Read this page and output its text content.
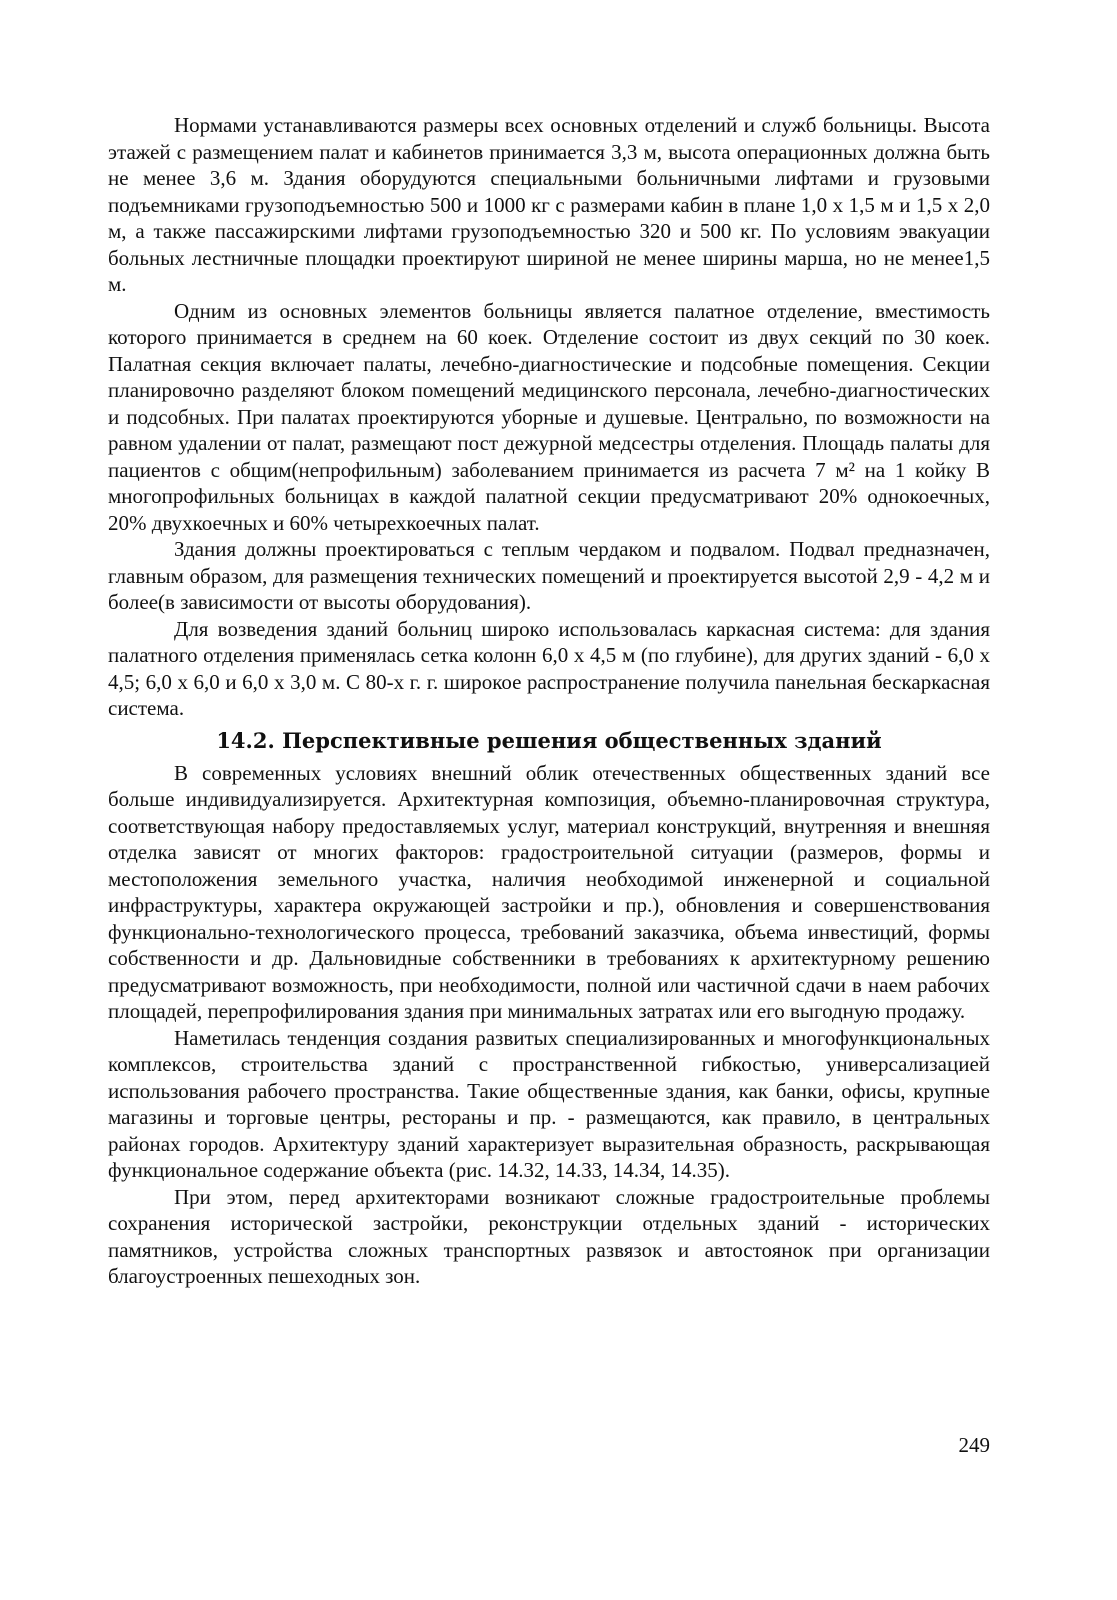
Нормами устанавливаются размеры всех основных отделений и служб больницы. Высота этажей с размещением палат и кабинетов принимается 3,3 м, высота операционных должна быть не менее 3,6 м. Здания оборудуются специальными больничными лифтами и грузовыми подъемниками грузоподъемностью 500 и 1000 кг с размерами кабин в плане 1,0 х 1,5 м и 1,5 х 2,0 м, а также пассажирскими лифтами грузоподъемностью 320 и 500 кг. По условиям эвакуации больных лестничные площадки проектируют шириной не менее ширины марша, но не менее1,5 м.

Одним из основных элементов больницы является палатное отделение, вместимость которого принимается в среднем на 60 коек. Отделение состоит из двух секций по 30 коек. Палатная секция включает палаты, лечебно-диагностические и подсобные помещения. Секции планировочно разделяют блоком помещений медицинского персонала, лечебно-диагностических и подсобных. При палатах проектируются уборные и душевые. Центрально, по возможности на равном удалении от палат, размещают пост дежурной медсестры отделения. Площадь палаты для пациентов с общим(непрофильным) заболеванием принимается из расчета 7 м² на 1 койку В многопрофильных больницах в каждой палатной секции предусматривают 20% однокоечных, 20% двухкоечных и 60% четырехкоечных палат.

Здания должны проектироваться с теплым чердаком и подвалом. Подвал предназначен, главным образом, для размещения технических помещений и проектируется высотой 2,9 - 4,2 м и более(в зависимости от высоты оборудования).

Для возведения зданий больниц широко использовалась каркасная система: для здания палатного отделения применялась сетка колонн 6,0 х 4,5 м (по глубине), для других зданий - 6,0 х 4,5; 6,0 х 6,0 и 6,0 х 3,0 м. С 80-х г. г. широкое распространение получила панельная бескаркасная система.

14.2. Перспективные решения общественных зданий

В современных условиях внешний облик отечественных общественных зданий все больше индивидуализируется. Архитектурная композиция, объемно-планировочная структура, соответствующая набору предоставляемых услуг, материал конструкций, внутренняя и внешняя отделка зависят от многих факторов: градостроительной ситуации (размеров, формы и местоположения земельного участка, наличия необходимой инженерной и социальной инфраструктуры, характера окружающей застройки и пр.), обновления и совершенствования функционально-технологического процесса, требований заказчика, объема инвестиций, формы собственности и др. Дальновидные собственники в требованиях к архитектурному решению предусматривают возможность, при необходимости, полной или частичной сдачи в наем рабочих площадей, перепрофилирования здания при минимальных затратах или его выгодную продажу.

Наметилась тенденция создания развитых специализированных и многофункциональных комплексов, строительства зданий с пространственной гибкостью, универсализацией использования рабочего пространства. Такие общественные здания, как банки, офисы, крупные магазины и торговые центры, рестораны и пр. - размещаются, как правило, в центральных районах городов. Архитектуру зданий характеризует выразительная образность, раскрывающая функциональное содержание объекта (рис. 14.32, 14.33, 14.34, 14.35).

При этом, перед архитекторами возникают сложные градостроительные проблемы сохранения исторической застройки, реконструкции отдельных зданий - исторических памятников, устройства сложных транспортных развязок и автостоянок при организации благоустроенных пешеходных зон.

249
